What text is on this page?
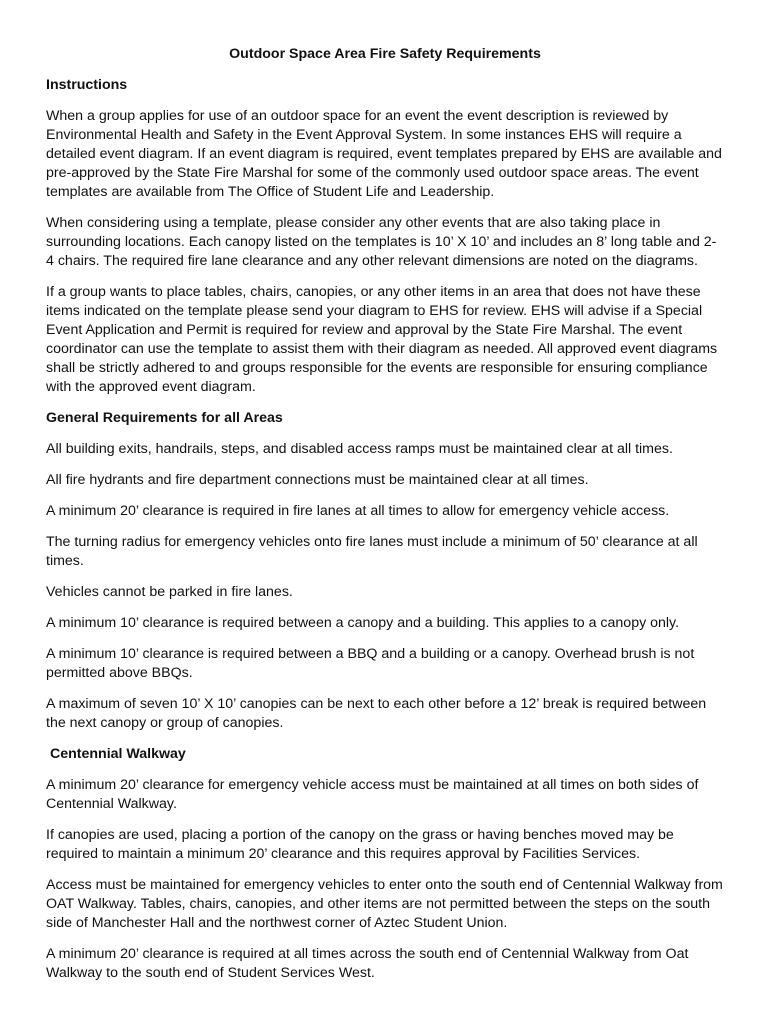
Outdoor Space Area Fire Safety Requirements
Instructions

When a group applies for use of an outdoor space for an event the event description is reviewed by Environmental Health and Safety in the Event Approval System. In some instances EHS will require a detailed event diagram. If an event diagram is required, event templates prepared by EHS are available and pre-approved by the State Fire Marshal for some of the commonly used outdoor space areas. The event templates are available from The Office of Student Life and Leadership.

When considering using a template, please consider any other events that are also taking place in surrounding locations. Each canopy listed on the templates is 10’ X 10’ and includes an 8’ long table and 2-4 chairs. The required fire lane clearance and any other relevant dimensions are noted on the diagrams.

If a group wants to place tables, chairs, canopies, or any other items in an area that does not have these items indicated on the template please send your diagram to EHS for review. EHS will advise if a Special Event Application and Permit is required for review and approval by the State Fire Marshal. The event coordinator can use the template to assist them with their diagram as needed. All approved event diagrams shall be strictly adhered to and groups responsible for the events are responsible for ensuring compliance with the approved event diagram.

General Requirements for all Areas

All building exits, handrails, steps, and disabled access ramps must be maintained clear at all times.

All fire hydrants and fire department connections must be maintained clear at all times.

A minimum 20’ clearance is required in fire lanes at all times to allow for emergency vehicle access.

The turning radius for emergency vehicles onto fire lanes must include a minimum of 50’ clearance at all times.

Vehicles cannot be parked in fire lanes.

A minimum 10’ clearance is required between a canopy and a building. This applies to a canopy only.

A minimum 10’ clearance is required between a BBQ and a building or a canopy. Overhead brush is not permitted above BBQs.

A maximum of seven 10’ X 10’ canopies can be next to each other before a 12’ break is required between the next canopy or group of canopies.

Centennial Walkway

A minimum 20’ clearance for emergency vehicle access must be maintained at all times on both sides of Centennial Walkway.

If canopies are used, placing a portion of the canopy on the grass or having benches moved may be required to maintain a minimum 20’ clearance and this requires approval by Facilities Services.

Access must be maintained for emergency vehicles to enter onto the south end of Centennial Walkway from OAT Walkway. Tables, chairs, canopies, and other items are not permitted between the steps on the south side of Manchester Hall and the northwest corner of Aztec Student Union.

A minimum 20’ clearance is required at all times across the south end of Centennial Walkway from Oat Walkway to the south end of Student Services West.
